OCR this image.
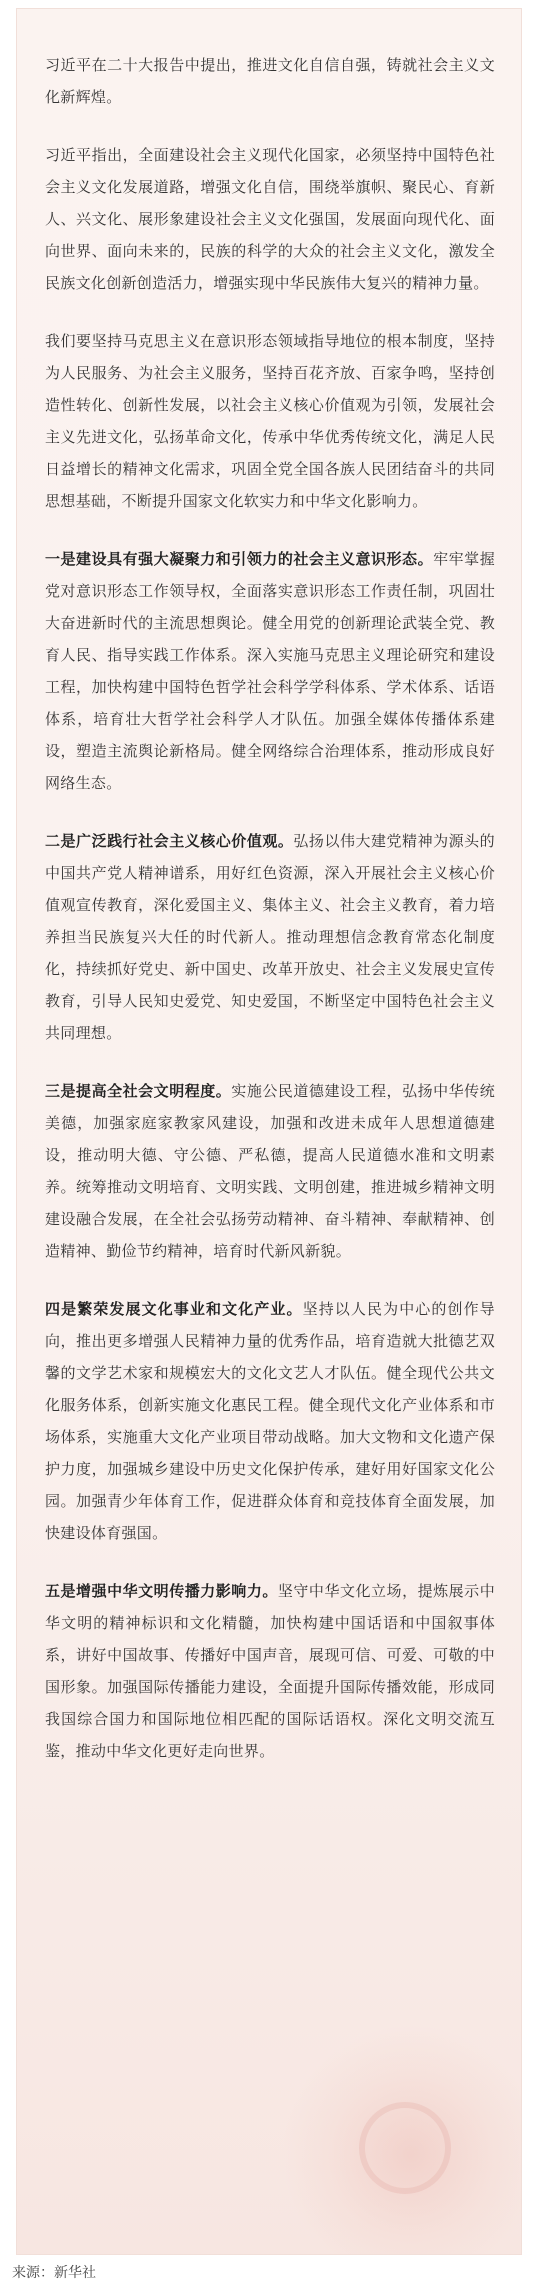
习近平在二十大报告中提出，推进文化自信自强，铸就社会主义文化新辉煌。

习近平指出，全面建设社会主义现代化国家，必须坚持中国特色社会主义文化发展道路，增强文化自信，围绕举旗帜、聚民心、育新人、兴文化、展形象建设社会主义文化强国，发展面向现代化、面向世界、面向未来的，民族的科学的大众的社会主义文化，激发全民族文化创新创造活力，增强实现中华民族伟大复兴的精神力量。

我们要坚持马克思主义在意识形态领域指导地位的根本制度，坚持为人民服务、为社会主义服务，坚持百花齐放、百家争鸣，坚持创造性转化、创新性发展，以社会主义核心价值观为引领，发展社会主义先进文化，弘扬革命文化，传承中华优秀传统文化，满足人民日益增长的精神文化需求，巩固全党全国各族人民团结奋斗的共同思想基础，不断提升国家文化软实力和中华文化影响力。

一是建设具有强大凝聚力和引领力的社会主义意识形态。牢牢掌握党对意识形态工作领导权，全面落实意识形态工作责任制，巩固壮大奋进新时代的主流思想舆论。健全用党的创新理论武装全党、教育人民、指导实践工作体系。深入实施马克思主义理论研究和建设工程，加快构建中国特色哲学社会科学学科体系、学术体系、话语体系，培育壮大哲学社会科学人才队伍。加强全媒体传播体系建设，塑造主流舆论新格局。健全网络综合治理体系，推动形成良好网络生态。

二是广泛践行社会主义核心价值观。弘扬以伟大建党精神为源头的中国共产党人精神谱系，用好红色资源，深入开展社会主义核心价值观宣传教育，深化爱国主义、集体主义、社会主义教育，着力培养担当民族复兴大任的时代新人。推动理想信念教育常态化制度化，持续抓好党史、新中国史、改革开放史、社会主义发展史宣传教育，引导人民知史爱党、知史爱国，不断坚定中国特色社会主义共同理想。

三是提高全社会文明程度。实施公民道德建设工程，弘扬中华传统美德，加强家庭家教家风建设，加强和改进未成年人思想道德建设，推动明大德、守公德、严私德，提高人民道德水准和文明素养。统筹推动文明培育、文明实践、文明创建，推进城乡精神文明建设融合发展，在全社会弘扬劳动精神、奋斗精神、奉献精神、创造精神、勤俭节约精神，培育时代新风新貌。

四是繁荣发展文化事业和文化产业。坚持以人民为中心的创作导向，推出更多增强人民精神力量的优秀作品，培育造就大批德艺双馨的文学艺术家和规模宏大的文化文艺人才队伍。健全现代公共文化服务体系，创新实施文化惠民工程。健全现代文化产业体系和市场体系，实施重大文化产业项目带动战略。加大文物和文化遗产保护力度，加强城乡建设中历史文化保护传承，建好用好国家文化公园。加强青少年体育工作，促进群众体育和竞技体育全面发展，加快建设体育强国。

五是增强中华文明传播力影响力。坚守中华文化立场，提炼展示中华文明的精神标识和文化精髓，加快构建中国话语和中国叙事体系，讲好中国故事、传播好中国声音，展现可信、可爱、可敬的中国形象。加强国际传播能力建设，全面提升国际传播效能，形成同我国综合国力和国际地位相匹配的国际话语权。深化文明交流互鉴，推动中华文化更好走向世界。

来源：新华社
